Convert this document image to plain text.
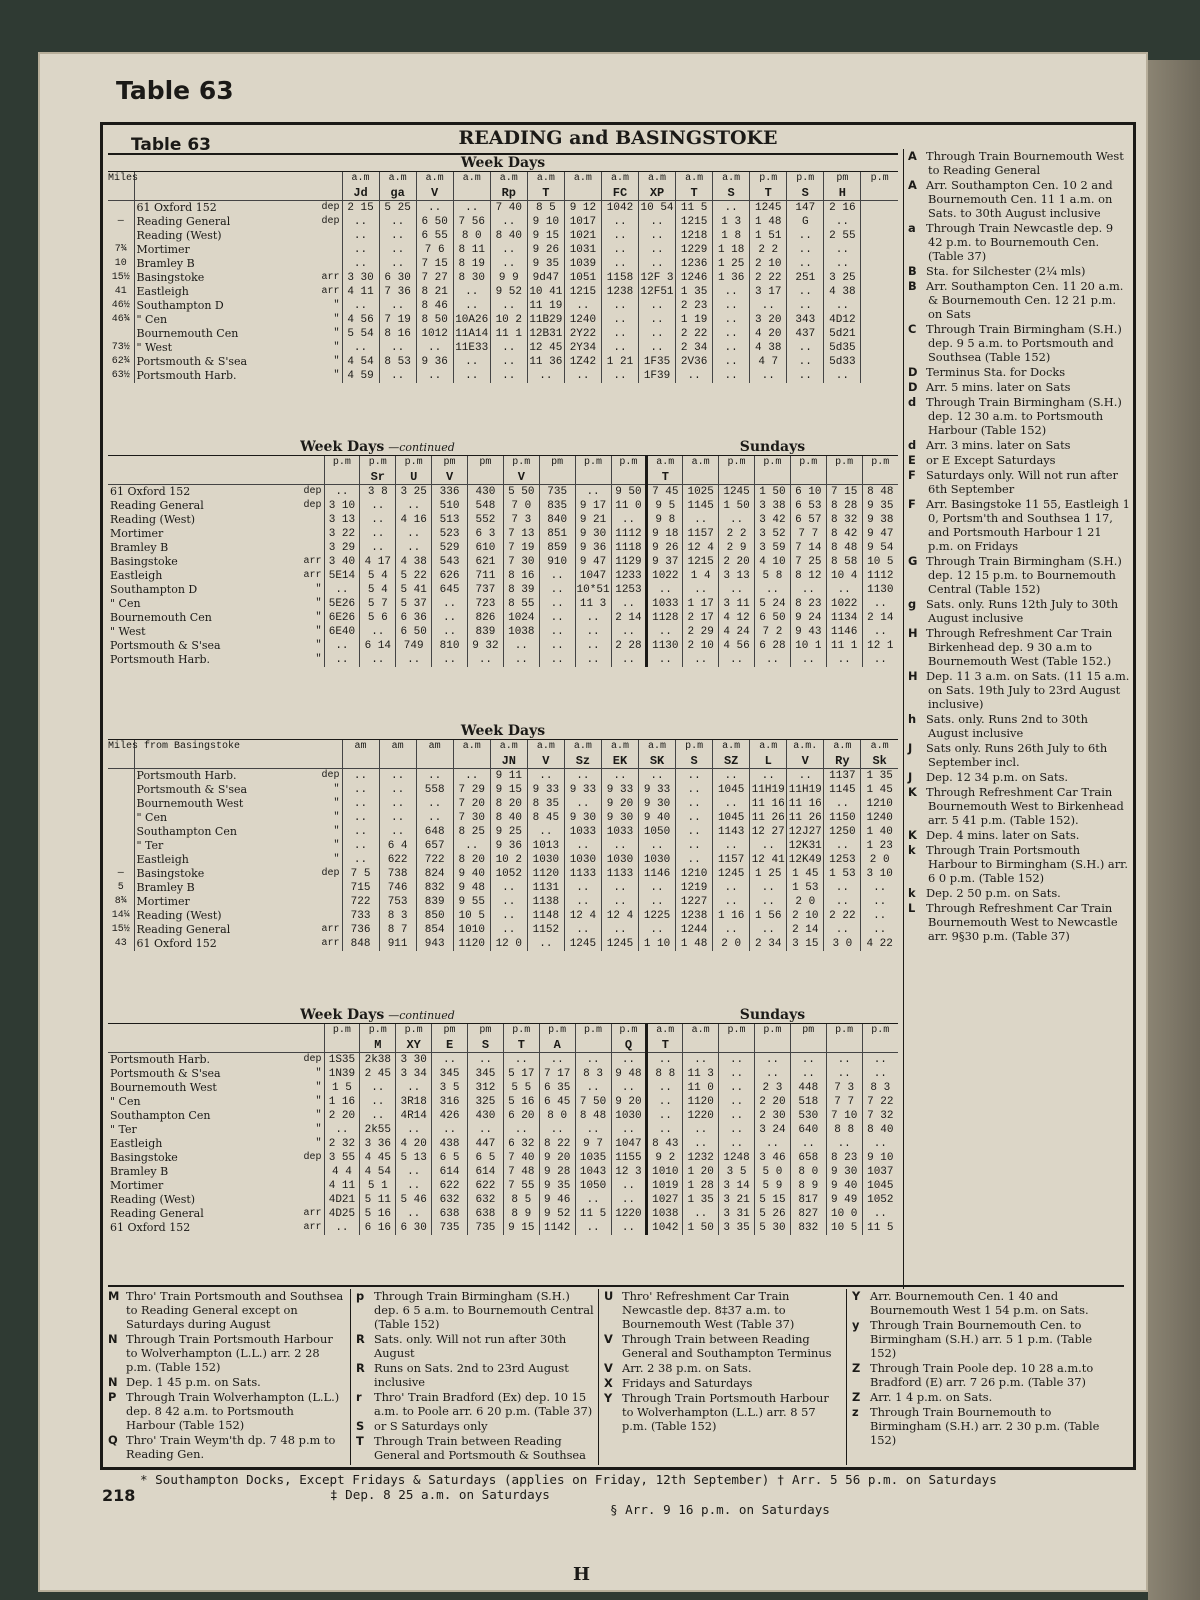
Table 63
READING and BASINGSTOKE
Table 63
Week Days
Miles			a.m	a.m	a.m	a.m	a.m	a.m	a.m	a.m	a.m	a.m	a.m	p.m	p.m	pm	p.m
			Jd	ga	V		Rp	T		FC	XP	T	S	T	S	H	
	61 Oxford 152	dep	2 15	5 25	..	..	7 40	8 5	9 12	1042	10 54	11 5	..	1245	147	2 16	
—	Reading General	dep	..	..	6 50	7 56	..	9 10	1017	..	..	1215	1 3	1 48	G	..	
	Reading (West)		..	..	6 55	8 0	8 40	9 15	1021	..	..	1218	1 8	1 51	..	2 55	
7¾	Mortimer		..	..	7 6	8 11	..	9 26	1031	..	..	1229	1 18	2 2	..	..	
10	Bramley B		..	..	7 15	8 19	..	9 35	1039	..	..	1236	1 25	2 10	..	..	
15½	Basingstoke	arr	3 30	6 30	7 27	8 30	9 9	9d47	1051	1158	12F 3	1246	1 36	2 22	251	3 25	
41	Eastleigh	arr	4 11	7 36	8 21	..	9 52	10 41	1215	1238	12F51	1 35	..	3 17	..	4 38	
46½	Southampton D	"	..	..	8 46	..	..	11 19	..	..	..	2 23	..	..	..	..	
46¾	" Cen	"	4 56	7 19	8 50	10A26	10 2	11B29	1240	..	..	1 19	..	3 20	343	4D12	
	Bournemouth Cen	"	5 54	8 16	1012	11A14	11 1	12B31	2Y22	..	..	2 22	..	4 20	437	5d21	
73½	" West	"	..	..	..	11E33	..	12 45	2Y34	..	..	2 34	..	4 38	..	5d35	
62¾	Portsmouth & S'sea	"	4 54	8 53	9 36	..	..	11 36	1Z42	1 21	1F35	2V36	..	4 7	..	5d33	
63½	Portsmouth Harb.	"	4 59	..	..	..	..	..	..	..	1F39	..	..	..	..	..	
Week Days —continued	Sundays
		p.m	p.m	p.m	pm	pm	p.m	pm	p.m	p.m	a.m	a.m	p.m	p.m	p.m	p.m	p.m
			Sr	U	V		V				T						
61 Oxford 152	dep	..	3 8	3 25	336	430	5 50	735	..	9 50	7 45	1025	1245	1 50	6 10	7 15	8 48
Reading General	dep	3 10	..	..	510	548	7 0	835	9 17	11 0	9 5	1145	1 50	3 38	6 53	8 28	9 35
Reading (West)		3 13	..	4 16	513	552	7 3	840	9 21	..	9 8	..	..	3 42	6 57	8 32	9 38
Mortimer		3 22	..	..	523	6 3	7 13	851	9 30	1112	9 18	1157	2 2	3 52	7 7	8 42	9 47
Bramley B		3 29	..	..	529	610	7 19	859	9 36	1118	9 26	12 4	2 9	3 59	7 14	8 48	9 54
Basingstoke	arr	3 40	4 17	4 38	543	621	7 30	910	9 47	1129	9 37	1215	2 20	4 10	7 25	8 58	10 5
Eastleigh	arr	5E14	5 4	5 22	626	711	8 16	..	1047	1233	1022	1 4	3 13	5 8	8 12	10 4	1112
Southampton D	"	..	5 4	5 41	645	737	8 39	..	10*51	1253	..	..	..	..	..	..	1130
" Cen	"	5E26	5 7	5 37	..	723	8 55	..	11 3	..	1033	1 17	3 11	5 24	8 23	1022	..
Bournemouth Cen	"	6E26	5 6	6 36	..	826	1024	..	..	2 14	1128	2 17	4 12	6 50	9 24	1134	2 14
" West	"	6E40	..	6 50	..	839	1038	..	..	..	..	2 29	4 24	7 2	9 43	1146	..
Portsmouth & S'sea	"	..	6 14	749	810	9 32	..	..	..	2 28	1130	2 10	4 56	6 28	10 1	11 1	12 1
Portsmouth Harb.	"	..	..	..	..	..	..	..	..	..	..	..	..	..	..	..	..
Week Days
Miles from Basingstoke			am	am	am	a.m	a.m	a.m	a.m	a.m	a.m	p.m	a.m	a.m	a.m.	a.m	a.m
							JN	V	Sz	EK	SK	S	SZ	L	V	Ry	Sk
	Portsmouth Harb.	dep	..	..	..	..	9 11	..	..	..	..	..	..	..	..	1137	1 35
	Portsmouth & S'sea	"	..	..	558	7 29	9 15	9 33	9 33	9 33	9 33	..	1045	11H19	11H19	1145	1 45
	Bournemouth West	"	..	..	..	7 20	8 20	8 35	..	9 20	9 30	..	..	11 16	11 16	..	1210
	" Cen	"	..	..	..	7 30	8 40	8 45	9 30	9 30	9 40	..	1045	11 26	11 26	1150	1240
	Southampton Cen	"	..	..	648	8 25	9 25	..	1033	1033	1050	..	1143	12 27	12J27	1250	1 40
	" Ter	"	..	6 4	657	..	9 36	1013	..	..	..	..	..	..	12K31	..	1 23
	Eastleigh	"	..	622	722	8 20	10 2	1030	1030	1030	1030	..	1157	12 41	12K49	1253	2 0
—	Basingstoke	dep	7 5	738	824	9 40	1052	1120	1133	1133	1146	1210	1245	1 25	1 45	1 53	3 10
5	Bramley B		715	746	832	9 48	..	1131	..	..	..	1219	..	..	1 53	..	..
8¾	Mortimer		722	753	839	9 55	..	1138	..	..	..	1227	..	..	2 0	..	..
14¼	Reading (West)		733	8 3	850	10 5	..	1148	12 4	12 4	1225	1238	1 16	1 56	2 10	2 22	..
15½	Reading General	arr	736	8 7	854	1010	..	1152	..	..	..	1244	..	..	2 14	..	..
43	61 Oxford 152	arr	848	911	943	1120	12 0	..	1245	1245	1 10	1 48	2 0	2 34	3 15	3 0	4 22
Week Days —continued	Sundays
		p.m	p.m	p.m	pm	pm	p.m	p.m	p.m	p.m	a.m	a.m	p.m	p.m	pm	p.m	p.m
			M	XY	E	S	T	A		Q	T						
Portsmouth Harb.	dep	1S35	2k38	3 30	..	..	..	..	..	..	..	..	..	..	..	..	..
Portsmouth & S'sea	"	1N39	2 45	3 34	345	345	5 17	7 17	8 3	9 48	8 8	11 3	..	..	..	..	..
Bournemouth West	"	1 5	..	..	3 5	312	5 5	6 35	..	..	..	11 0	..	2 3	448	7 3	8 3
" Cen	"	1 16	..	3R18	316	325	5 16	6 45	7 50	9 20	..	1120	..	2 20	518	7 7	7 22
Southampton Cen	"	2 20	..	4R14	426	430	6 20	8 0	8 48	1030	..	1220	..	2 30	530	7 10	7 32
" Ter	"	..	2k55	..	..	..	..	..	..	..	..	..	..	3 24	640	8 8	8 40
Eastleigh	"	2 32	3 36	4 20	438	447	6 32	8 22	9 7	1047	8 43	..	..	..	..	..	..
Basingstoke	dep	3 55	4 45	5 13	6 5	6 5	7 40	9 20	1035	1155	9 2	1232	1248	3 46	658	8 23	9 10
Bramley B		4 4	4 54	..	614	614	7 48	9 28	1043	12 3	1010	1 20	3 5	5 0	8 0	9 30	1037
Mortimer		4 11	5 1	..	622	622	7 55	9 35	1050	..	1019	1 28	3 14	5 9	8 9	9 40	1045
Reading (West)		4D21	5 11	5 46	632	632	8 5	9 46	..	..	1027	1 35	3 21	5 15	817	9 49	1052
Reading General	arr	4D25	5 16	..	638	638	8 9	9 52	11 5	1220	1038	..	3 31	5 26	827	10 0	..
61 Oxford 152	arr	..	6 16	6 30	735	735	9 15	1142	..	..	1042	1 50	3 35	5 30	832	10 5	11 5
A Through Train Bournemouth West to Reading General
A Arr. Southampton Cen. 10 2 and Bournemouth Cen. 11 1 a.m. on Sats. to 30th August inclusive
a Through Train Newcastle dep. 9 42 p.m. to Bournemouth Cen. (Table 37)
B Sta. for Silchester (2¼ mls)
B Arr. Southampton Cen. 11 20 a.m. & Bournemouth Cen. 12 21 p.m. on Sats
C Through Train Birmingham (S.H.) dep. 9 5 a.m. to Portsmouth and Southsea (Table 152)
D Terminus Sta. for Docks
D Arr. 5 mins. later on Sats
d Through Train Birmingham (S.H.) dep. 12 30 a.m. to Portsmouth Harbour (Table 152)
d Arr. 3 mins. later on Sats
E or E Except Saturdays
F Saturdays only. Will not run after 6th September
F Arr. Basingstoke 11 55, Eastleigh 1 0, Portsm'th and Southsea 1 17, and Portsmouth Harbour 1 21 p.m. on Fridays
G Through Train Birmingham (S.H.) dep. 12 15 p.m. to Bournemouth Central (Table 152)
g Sats. only. Runs 12th July to 30th August inclusive
H Through Refreshment Car Train Birkenhead dep. 9 30 a.m to Bournemouth West (Table 152.)
H Dep. 11 3 a.m. on Sats. (11 15 a.m. on Sats. 19th July to 23rd August inclusive)
h Sats. only. Runs 2nd to 30th August inclusive
J Sats only. Runs 26th July to 6th September incl.
J Dep. 12 34 p.m. on Sats.
K Through Refreshment Car Train Bournemouth West to Birkenhead arr. 5 41 p.m. (Table 152).
K Dep. 4 mins. later on Sats.
k Through Train Portsmouth Harbour to Birmingham (S.H.) arr. 6 0 p.m. (Table 152)
k Dep. 2 50 p.m. on Sats.
L Through Refreshment Car Train Bournemouth West to Newcastle arr. 9§30 p.m. (Table 37)
M Thro' Train Portsmouth and Southsea to Reading General except on Saturdays during August
N Through Train Portsmouth Harbour to Wolverhampton (L.L.) arr. 2 28 p.m. (Table 152)
N Dep. 1 45 p.m. on Sats.
P Through Train Wolverhampton (L.L.) dep. 8 42 a.m. to Portsmouth Harbour (Table 152)
Q Thro' Train Weym'th dp. 7 48 p.m to Reading Gen.
p Through Train Birmingham (S.H.) dep. 6 5 a.m. to Bournemouth Central (Table 152)
R Sats. only. Will not run after 30th August
R Runs on Sats. 2nd to 23rd August inclusive
r Thro' Train Bradford (Ex) dep. 10 15 a.m. to Poole arr. 6 20 p.m. (Table 37)
S or S Saturdays only
T Through Train between Reading General and Portsmouth & Southsea
U Thro' Refreshment Car Train Newcastle dep. 8‡37 a.m. to Bournemouth West (Table 37)
V Through Train between Reading General and Southampton Terminus
V Arr. 2 38 p.m. on Sats.
X Fridays and Saturdays
Y Through Train Portsmouth Harbour to Wolverhampton (L.L.) arr. 8 57 p.m. (Table 152)
Y Arr. Bournemouth Cen. 1 40 and Bournemouth West 1 54 p.m. on Sats.
y Through Train Bournemouth Cen. to Birmingham (S.H.) arr. 5 1 p.m. (Table 152)
Z Through Train Poole dep. 10 28 a.m.to Bradford (E) arr. 7 26 p.m. (Table 37)
Z Arr. 1 4 p.m. on Sats.
z Through Train Bournemouth to Birmingham (S.H.) arr. 2 30 p.m. (Table 152)
218
* Southampton Docks, Except Fridays & Saturdays (applies on Friday, 12th September) † Arr. 5 56 p.m. on Saturdays
‡ Dep. 8 25 a.m. on Saturdays
§ Arr. 9 16 p.m. on Saturdays
H
